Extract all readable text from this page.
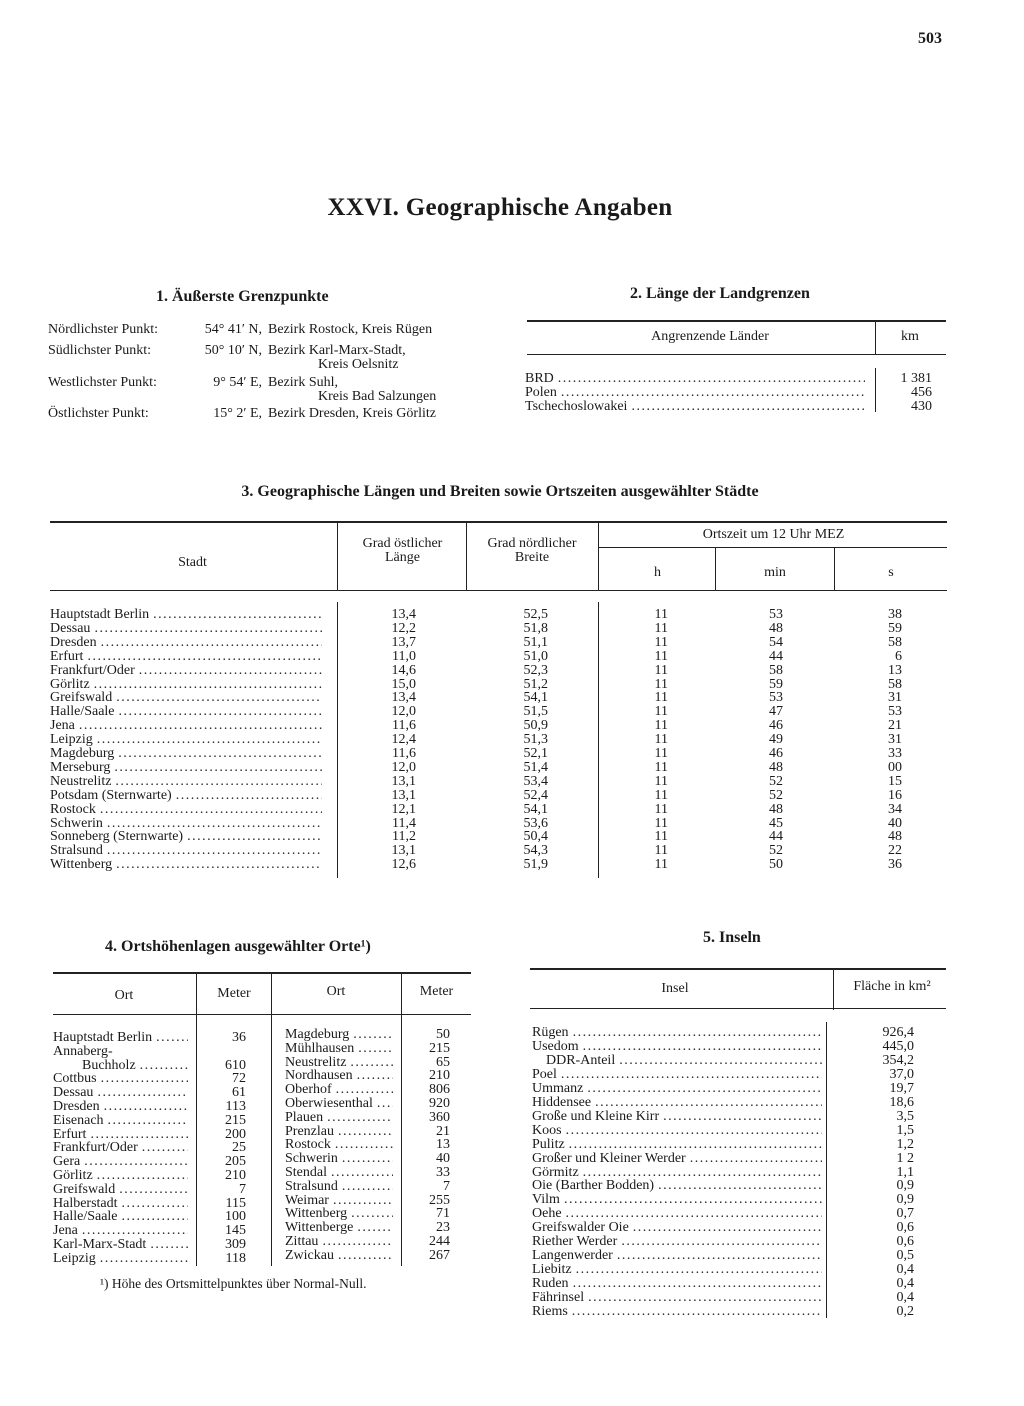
503
XXVI. Geographische Angaben
1. Äußerste Grenzpunkte
Nördlichster Punkt:	54° 41′ N, Bezirk Rostock, Kreis Rügen
Südlichster Punkt:	50° 10′ N, Bezirk Karl-Marx-Stadt,
Kreis Oelsnitz
Westlichster Punkt:	9° 54′ E, Bezirk Suhl,
Kreis Bad Salzungen
Östlichster Punkt:	15° 2′ E, Bezirk Dresden, Kreis Görlitz
2. Länge der Landgrenzen
Angrenzende Länder	km
BRD .....	1 381
Polen .....	456
Tschechoslowakei .....	430
3. Geographische Längen und Breiten sowie Ortszeiten ausgewählter Städte
Stadt
Grad östlicher Länge
Grad nördlicher Breite
Ortszeit um 12 Uhr MEZ
h	min	s
Hauptstadt Berlin .....	13,4	52,5	11	53	38
Dessau .....	12,2	51,8	11	48	59
Dresden .....	13,7	51,1	11	54	58
Erfurt .....	11,0	51,0	11	44	6
Frankfurt/Oder .....	14,6	52,3	11	58	13
Görlitz .....	15,0	51,2	11	59	58
Greifswald .....	13,4	54,1	11	53	31
Halle/Saale .....	12,0	51,5	11	47	53
Jena .....	11,6	50,9	11	46	21
Leipzig .....	12,4	51,3	11	49	31
Magdeburg .....	11,6	52,1	11	46	33
Merseburg .....	12,0	51,4	11	48	00
Neustrelitz .....	13,1	53,4	11	52	15
Potsdam (Sternwarte) .....	13,1	52,4	11	52	16
Rostock .....	12,1	54,1	11	48	34
Schwerin .....	11,4	53,6	11	45	40
Sonneberg (Sternwarte) .....	11,2	50,4	11	44	48
Stralsund .....	13,1	54,3	11	52	22
Wittenberg .....	12,6	51,9	11	50	36
4. Ortshöhenlagen ausgewählter Orte¹)
Ort	Meter	Ort	Meter
Hauptstadt Berlin .....	36
Annaberg-
Buchholz .....	610
Cottbus .....	72
Dessau .....	61
Dresden .....	113
Eisenach .....	215
Erfurt .....	200
Frankfurt/Oder .....	25
Gera .....	205
Görlitz .....	210
Greifswald .....	7
Halberstadt .....	115
Halle/Saale .....	100
Jena .....	145
Karl-Marx-Stadt .....	309
Leipzig .....	118
Magdeburg .....	50
Mühlhausen .....	215
Neustrelitz .....	65
Nordhausen .....	210
Oberhof .....	806
Oberwiesenthal .....	920
Plauen .....	360
Prenzlau .....	21
Rostock .....	13
Schwerin .....	40
Stendal .....	33
Stralsund .....	7
Weimar .....	255
Wittenberg .....	71
Wittenberge .....	23
Zittau .....	244
Zwickau .....	267
¹) Höhe des Ortsmittelpunktes über Normal-Null.
5. Inseln
Insel	Fläche in km²
Rügen .....	926,4
Usedom .....	445,0
DDR-Anteil .....	354,2
Poel .....	37,0
Ummanz .....	19,7
Hiddensee .....	18,6
Große und Kleine Kirr .....	3,5
Koos .....	1,5
Pulitz .....	1,2
Großer und Kleiner Werder .....	1 2
Görmitz .....	1,1
Oie (Barther Bodden) .....	0,9
Vilm .....	0,9
Oehe .....	0,7
Greifswalder Oie .....	0,6
Riether Werder .....	0,6
Langenwerder .....	0,5
Liebitz .....	0,4
Ruden .....	0,4
Fährinsel .....	0,4
Riems .....	0,2
